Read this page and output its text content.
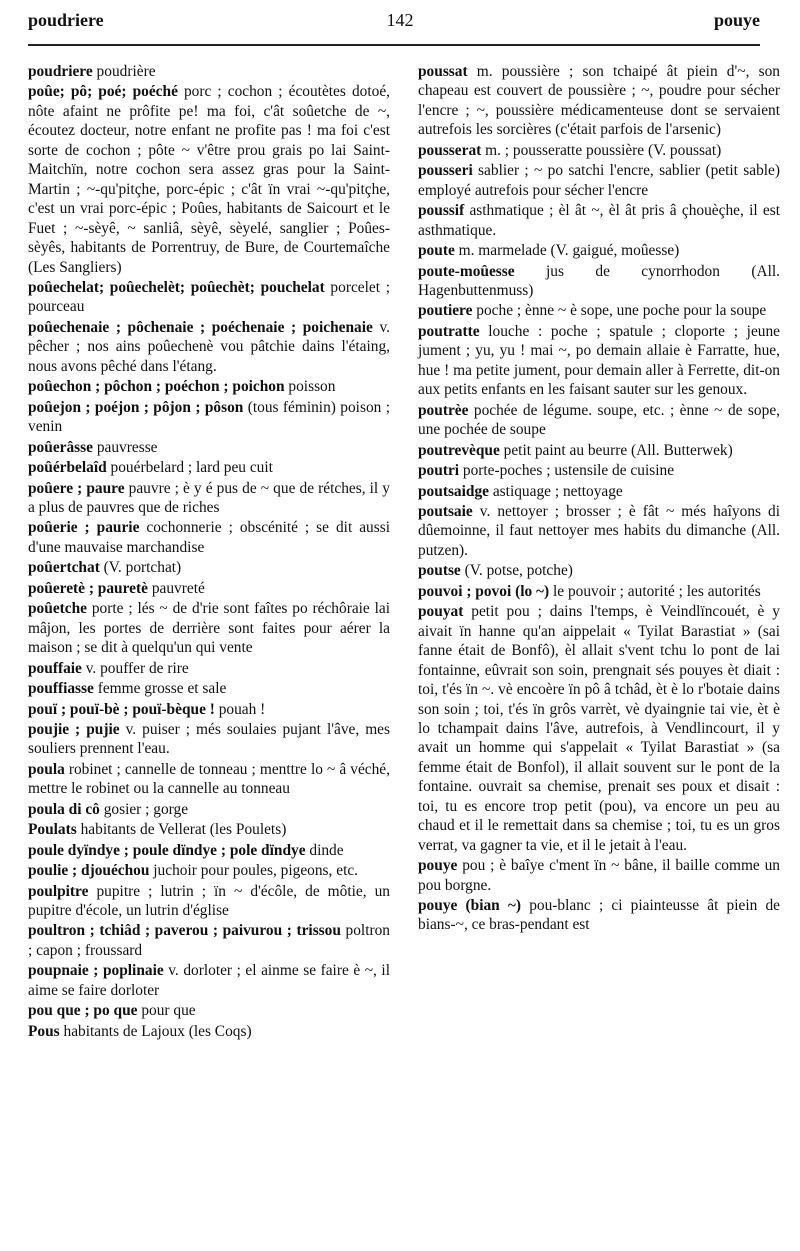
poudriere	142	pouye
poudriere poudrière
poûe; pô; poé; poéché porc ; cochon ; écoutètes dotoé, nôte afaint ne prôfite pe! ma foi, c'ât soûetche de ~, écoutez docteur, notre enfant ne profite pas ! ma foi c'est sorte de cochon ; pôte ~ v'être prou grais po lai Saint-Maitchïn, notre cochon sera assez gras pour la Saint-Martin ; ~-qu'pitçhe, porc-épic ; c'ât ïn vrai ~-qu'pitçhe, c'est un vrai porc-épic ; Poûes, habitants de Saicourt et le Fuet ; ~-sèyê, ~ sanliâ, sèyê, sèyelé, sanglier ; Poûes-sèyês, habitants de Porrentruy, de Bure, de Courtemaîche (Les Sangliers)
poûechelat; poûechelèt; poûechèt; pouchelat porcelet ; pourceau
poûechenaie ; pôchenaie ; poéchenaie ; poichenaie v. pêcher ; nos ains poûechenè vou pâtchie dains l'étaing, nous avons pêché dans l'étang.
poûechon ; pôchon ; poéchon ; poichon poisson
poûejon ; poéjon ; pôjon ; pôson (tous féminin) poison ; venin
poûerâsse pauvresse
poûérbelaîd pouérbelard ; lard peu cuit
poûere ; paure pauvre ; è y é pus de ~ que de rétches, il y a plus de pauvres que de riches
poûerie ; paurie cochonnerie ; obscénité ; se dit aussi d'une mauvaise marchandise
poûertchat (V. portchat)
poûeretè ; pauretè pauvreté
poûetche porte ; lés ~ de d'rie sont faîtes po réchôraie lai mâjon, les portes de derrière sont faites pour aérer la maison ; se dit à quelqu'un qui vente
pouffaie v. pouffer de rire
pouffiasse femme grosse et sale
pouï ; pouï-bè ; pouï-bèque ! pouah !
poujie ; pujie v. puiser ; més soulaies pujant l'âve, mes souliers prennent l'eau.
poula robinet ; cannelle de tonneau ; menttre lo ~ â véché, mettre le robinet ou la cannelle au tonneau
poula di cô gosier ; gorge
Poulats habitants de Vellerat (les Poulets)
poule dyïndye ; poule dïndye ; pole dïndye dinde
poulie ; djouéchou juchoir pour poules, pigeons, etc.
poulpitre pupitre ; lutrin ; ïn ~ d'écôle, de môtie, un pupitre d'école, un lutrin d'église
poultron ; tchiâd ; paverou ; paivurou ; trissou poltron ; capon ; froussard
poupnaie ; poplinaie v. dorloter ; el ainme se faire è ~, il aime se faire dorloter
pou que ; po que pour que
Pous habitants de Lajoux (les Coqs)
poussat m. poussière ; son tchaipé ât piein d'~, son chapeau est couvert de poussière ; ~, poudre pour sécher l'encre ; ~, poussière médicamenteuse dont se servaient autrefois les sorcières (c'était parfois de l'arsenic)
pousserat m. ; pousseratte poussière (V. poussat)
pousseri sablier ; ~ po satchi l'encre, sablier (petit sable) employé autrefois pour sécher l'encre
poussif asthmatique ; èl ât ~, èl ât pris â çhouèçhe, il est asthmatique.
poute m. marmelade (V. gaigué, moûesse)
poute-moûesse jus de cynorrhodon (All. Hagenbuttenmuss)
poutiere poche ; ènne ~ è sope, une poche pour la soupe
poutratte louche : poche ; spatule ; cloporte ; jeune jument ; yu, yu ! mai ~, po demain allaie è Farratte, hue, hue ! ma petite jument, pour demain aller à Ferrette, dit-on aux petits enfants en les faisant sauter sur les genoux.
poutrèe pochée de légume. soupe, etc. ; ènne ~ de sope, une pochée de soupe
poutrevèque petit paint au beurre (All. Butterwek)
poutri porte-poches ; ustensile de cuisine
poutsaidge astiquage ; nettoyage
poutsaie v. nettoyer ; brosser ; è fât ~ més haîyons di dûemoinne, il faut nettoyer mes habits du dimanche (All. putzen).
poutse (V. potse, potche)
pouvoi ; povoi (lo ~) le pouvoir ; autorité ; les autorités
pouyat petit pou ; dains l'temps, è Veindlïncouét, è y aivait ïn hanne qu'an aippelait « Tyilat Barastiat » (sai fanne était de Bonfô), èl allait s'vent tchu lo pont de lai fontainne, eûvrait son soin, prengnait sés pouyes èt diait : toi, t'és ïn ~. vè encoère ïn pô â tchâd, èt è lo r'botaie dains son soin ; toi, t'és ïn grôs varrèt, vè dyaingnie tai vie, èt è lo tchampait dains l'âve, autrefois, à Vendlincourt, il y avait un homme qui s'appelait « Tyilat Barastiat » (sa femme était de Bonfol), il allait souvent sur le pont de la fontaine. ouvrait sa chemise, prenait ses poux et disait : toi, tu es encore trop petit (pou), va encore un peu au chaud et il le remettait dans sa chemise ; toi, tu es un gros verrat, va gagner ta vie, et il le jetait à l'eau.
pouye pou ; è baîye c'ment ïn ~ bâne, il baille comme un pou borgne.
pouye (bian ~) pou-blanc ; ci piainteusse ât piein de bians-~, ce bras-pendant est
